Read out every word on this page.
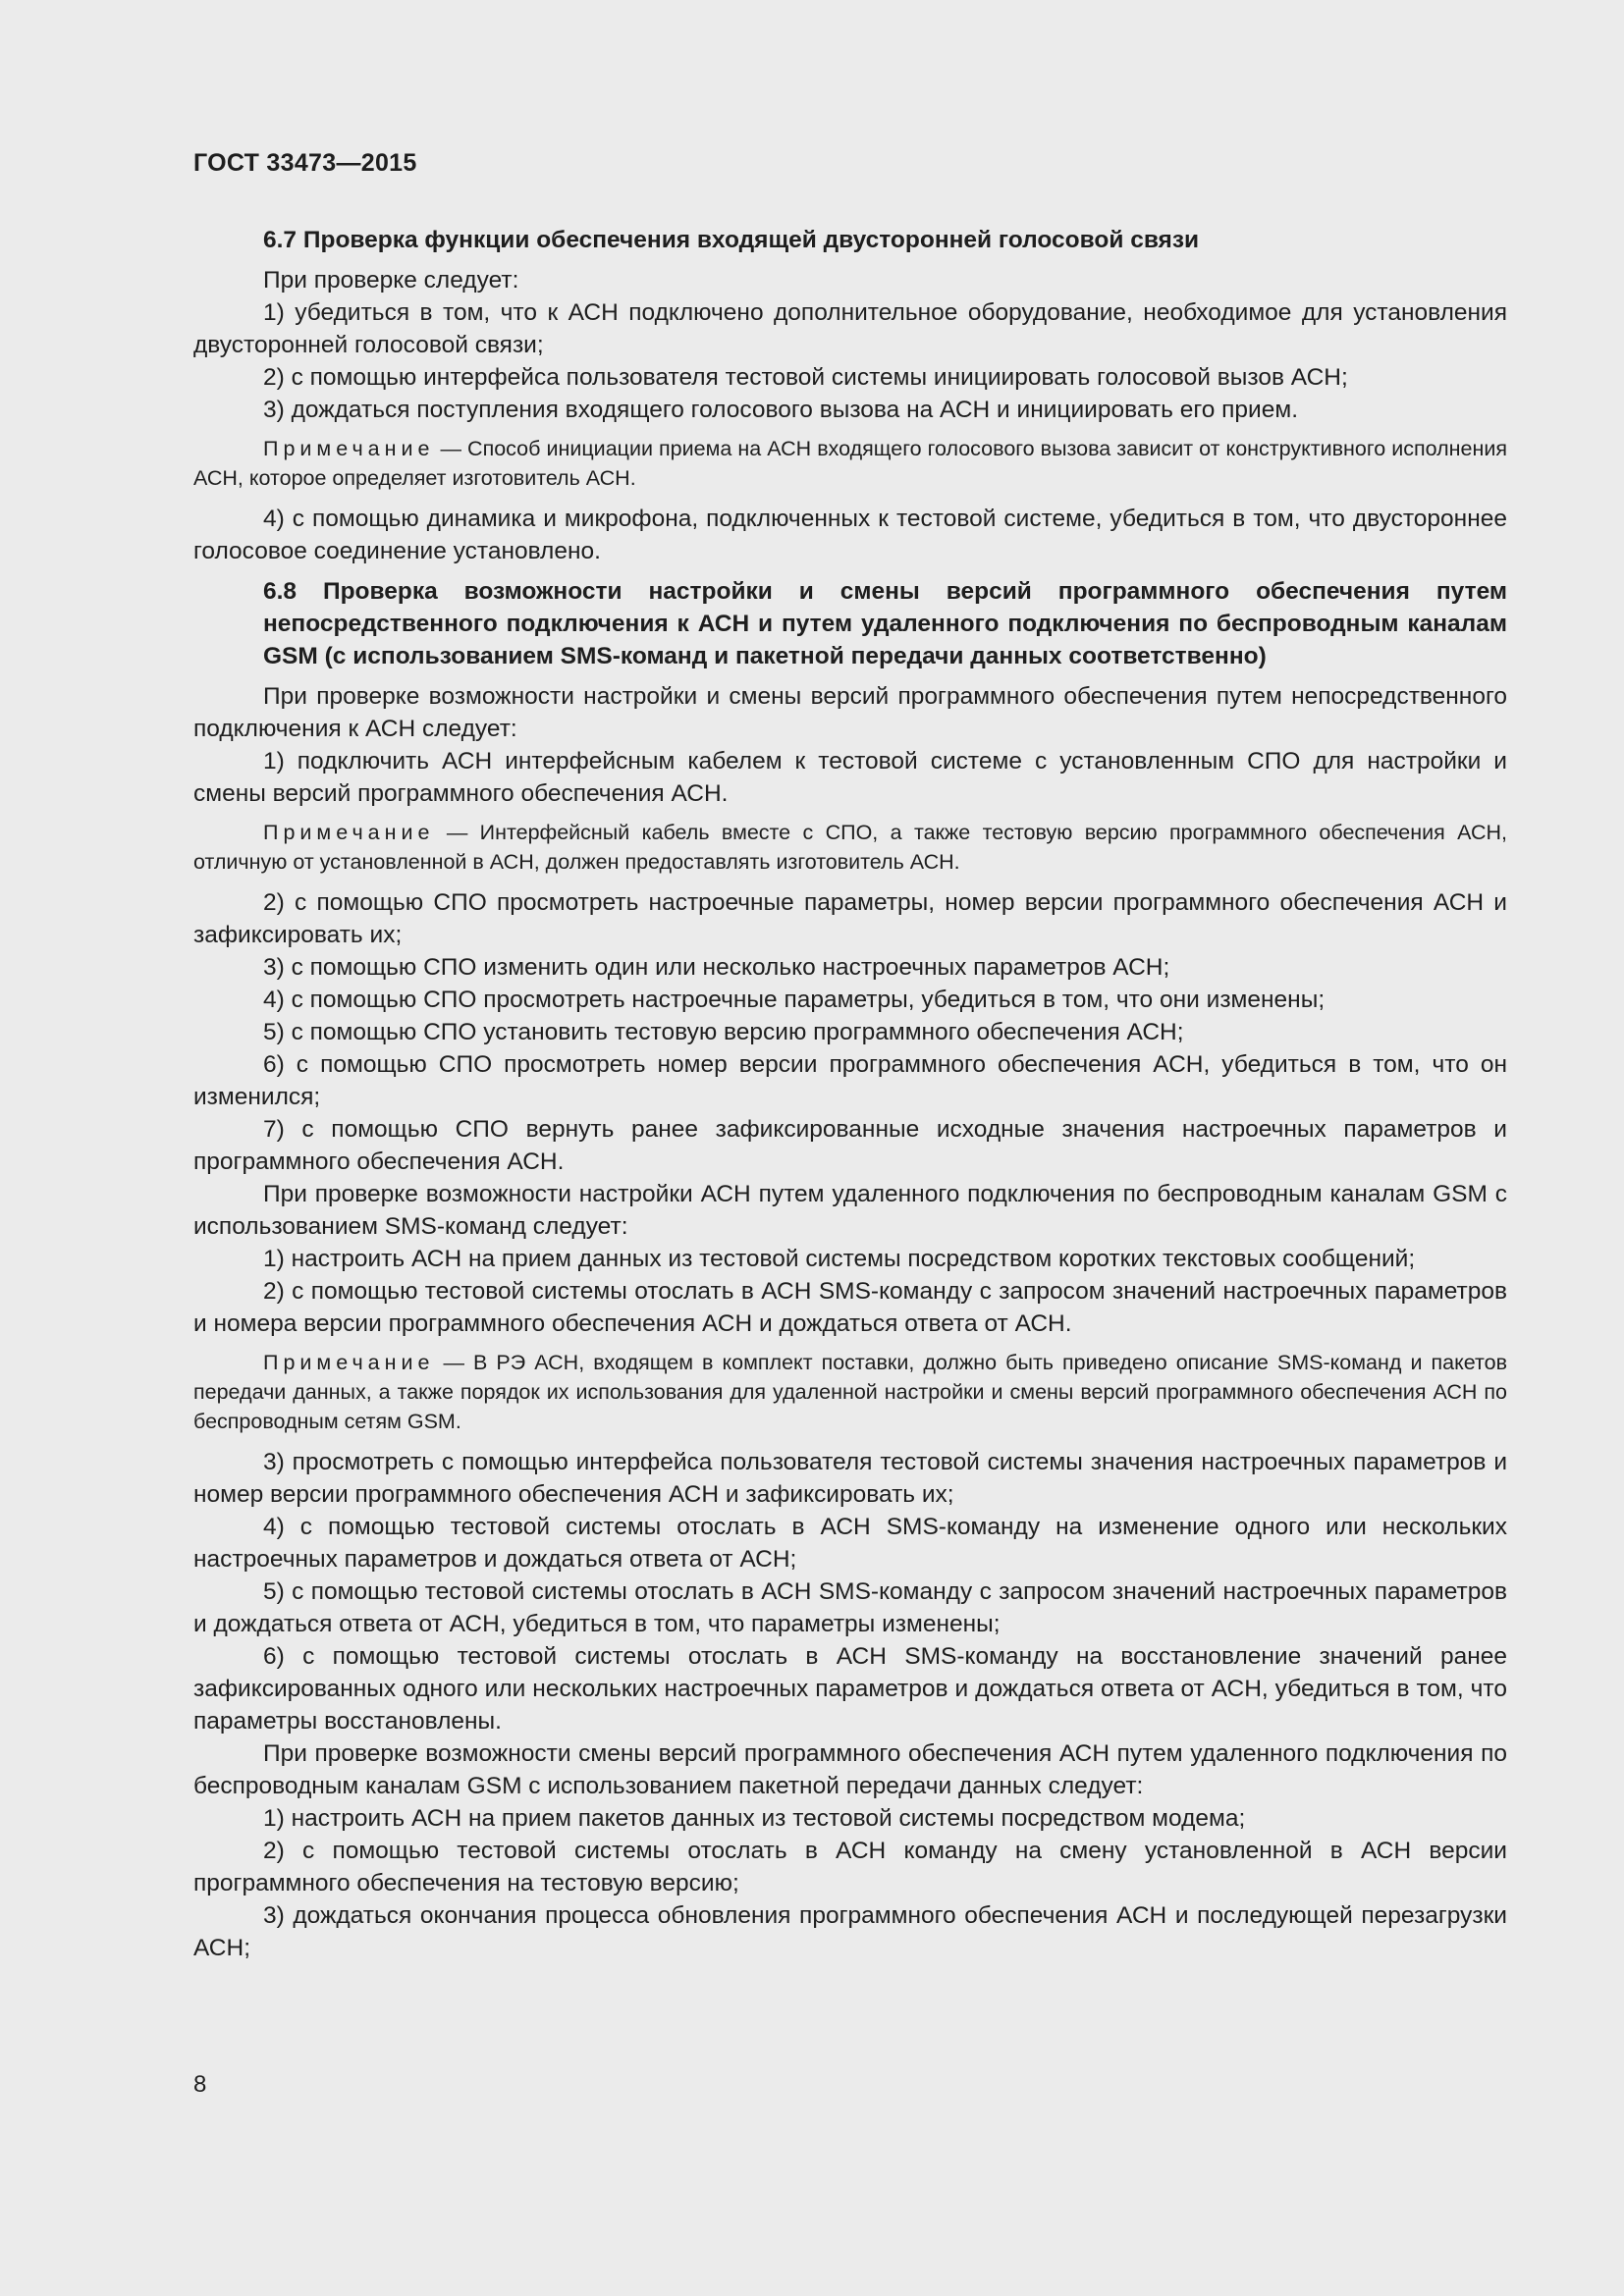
ГОСТ 33473—2015
6.7 Проверка функции обеспечения входящей двусторонней голосовой связи

При проверке следует:

1) убедиться в том, что к АСН подключено дополнительное оборудование, необходимое для установления двусторонней голосовой связи;

2) с помощью интерфейса пользователя тестовой системы инициировать голосовой вызов АСН;

3) дождаться поступления входящего голосового вызова на АСН и инициировать его прием.

Примечание — Способ инициации приема на АСН входящего голосового вызова зависит от конструктивного исполнения АСН, которое определяет изготовитель АСН.

4) с помощью динамика и микрофона, подключенных к тестовой системе, убедиться в том, что двустороннее голосовое соединение установлено.

6.8 Проверка возможности настройки и смены версий программного обеспечения путем непосредственного подключения к АСН и путем удаленного подключения по беспроводным каналам GSM (с использованием SMS-команд и пакетной передачи данных соответственно)

При проверке возможности настройки и смены версий программного обеспечения путем непосредственного подключения к АСН следует:

1) подключить АСН интерфейсным кабелем к тестовой системе с установленным СПО для настройки и смены версий программного обеспечения АСН.

Примечание — Интерфейсный кабель вместе с СПО, а также тестовую версию программного обеспечения АСН, отличную от установленной в АСН, должен предоставлять изготовитель АСН.

2) с помощью СПО просмотреть настроечные параметры, номер версии программного обеспечения АСН и зафиксировать их;

3) с помощью СПО изменить один или несколько настроечных параметров АСН;

4) с помощью СПО просмотреть настроечные параметры, убедиться в том, что они изменены;

5) с помощью СПО установить тестовую версию программного обеспечения АСН;

6) с помощью СПО просмотреть номер версии программного обеспечения АСН, убедиться в том, что он изменился;

7) с помощью СПО вернуть ранее зафиксированные исходные значения настроечных параметров и программного обеспечения АСН.

При проверке возможности настройки АСН путем удаленного подключения по беспроводным каналам GSM с использованием SMS-команд следует:

1) настроить АСН на прием данных из тестовой системы посредством коротких текстовых сообщений;

2) с помощью тестовой системы отослать в АСН SMS-команду с запросом значений настроечных параметров и номера версии программного обеспечения АСН и дождаться ответа от АСН.

Примечание — В РЭ АСН, входящем в комплект поставки, должно быть приведено описание SMS-команд и пакетов передачи данных, а также порядок их использования для удаленной настройки и смены версий программного обеспечения АСН по беспроводным сетям GSM.

3) просмотреть с помощью интерфейса пользователя тестовой системы значения настроечных параметров и номер версии программного обеспечения АСН и зафиксировать их;

4) с помощью тестовой системы отослать в АСН SMS-команду на изменение одного или нескольких настроечных параметров и дождаться ответа от АСН;

5) с помощью тестовой системы отослать в АСН SMS-команду с запросом значений настроечных параметров и дождаться ответа от АСН, убедиться в том, что параметры изменены;

6) с помощью тестовой системы отослать в АСН SMS-команду на восстановление значений ранее зафиксированных одного или нескольких настроечных параметров и дождаться ответа от АСН, убедиться в том, что параметры восстановлены.

При проверке возможности смены версий программного обеспечения АСН путем удаленного подключения по беспроводным каналам GSM с использованием пакетной передачи данных следует:

1) настроить АСН на прием пакетов данных из тестовой системы посредством модема;

2) с помощью тестовой системы отослать в АСН команду на смену установленной в АСН версии программного обеспечения на тестовую версию;

3) дождаться окончания процесса обновления программного обеспечения АСН и последующей перезагрузки АСН;

8
